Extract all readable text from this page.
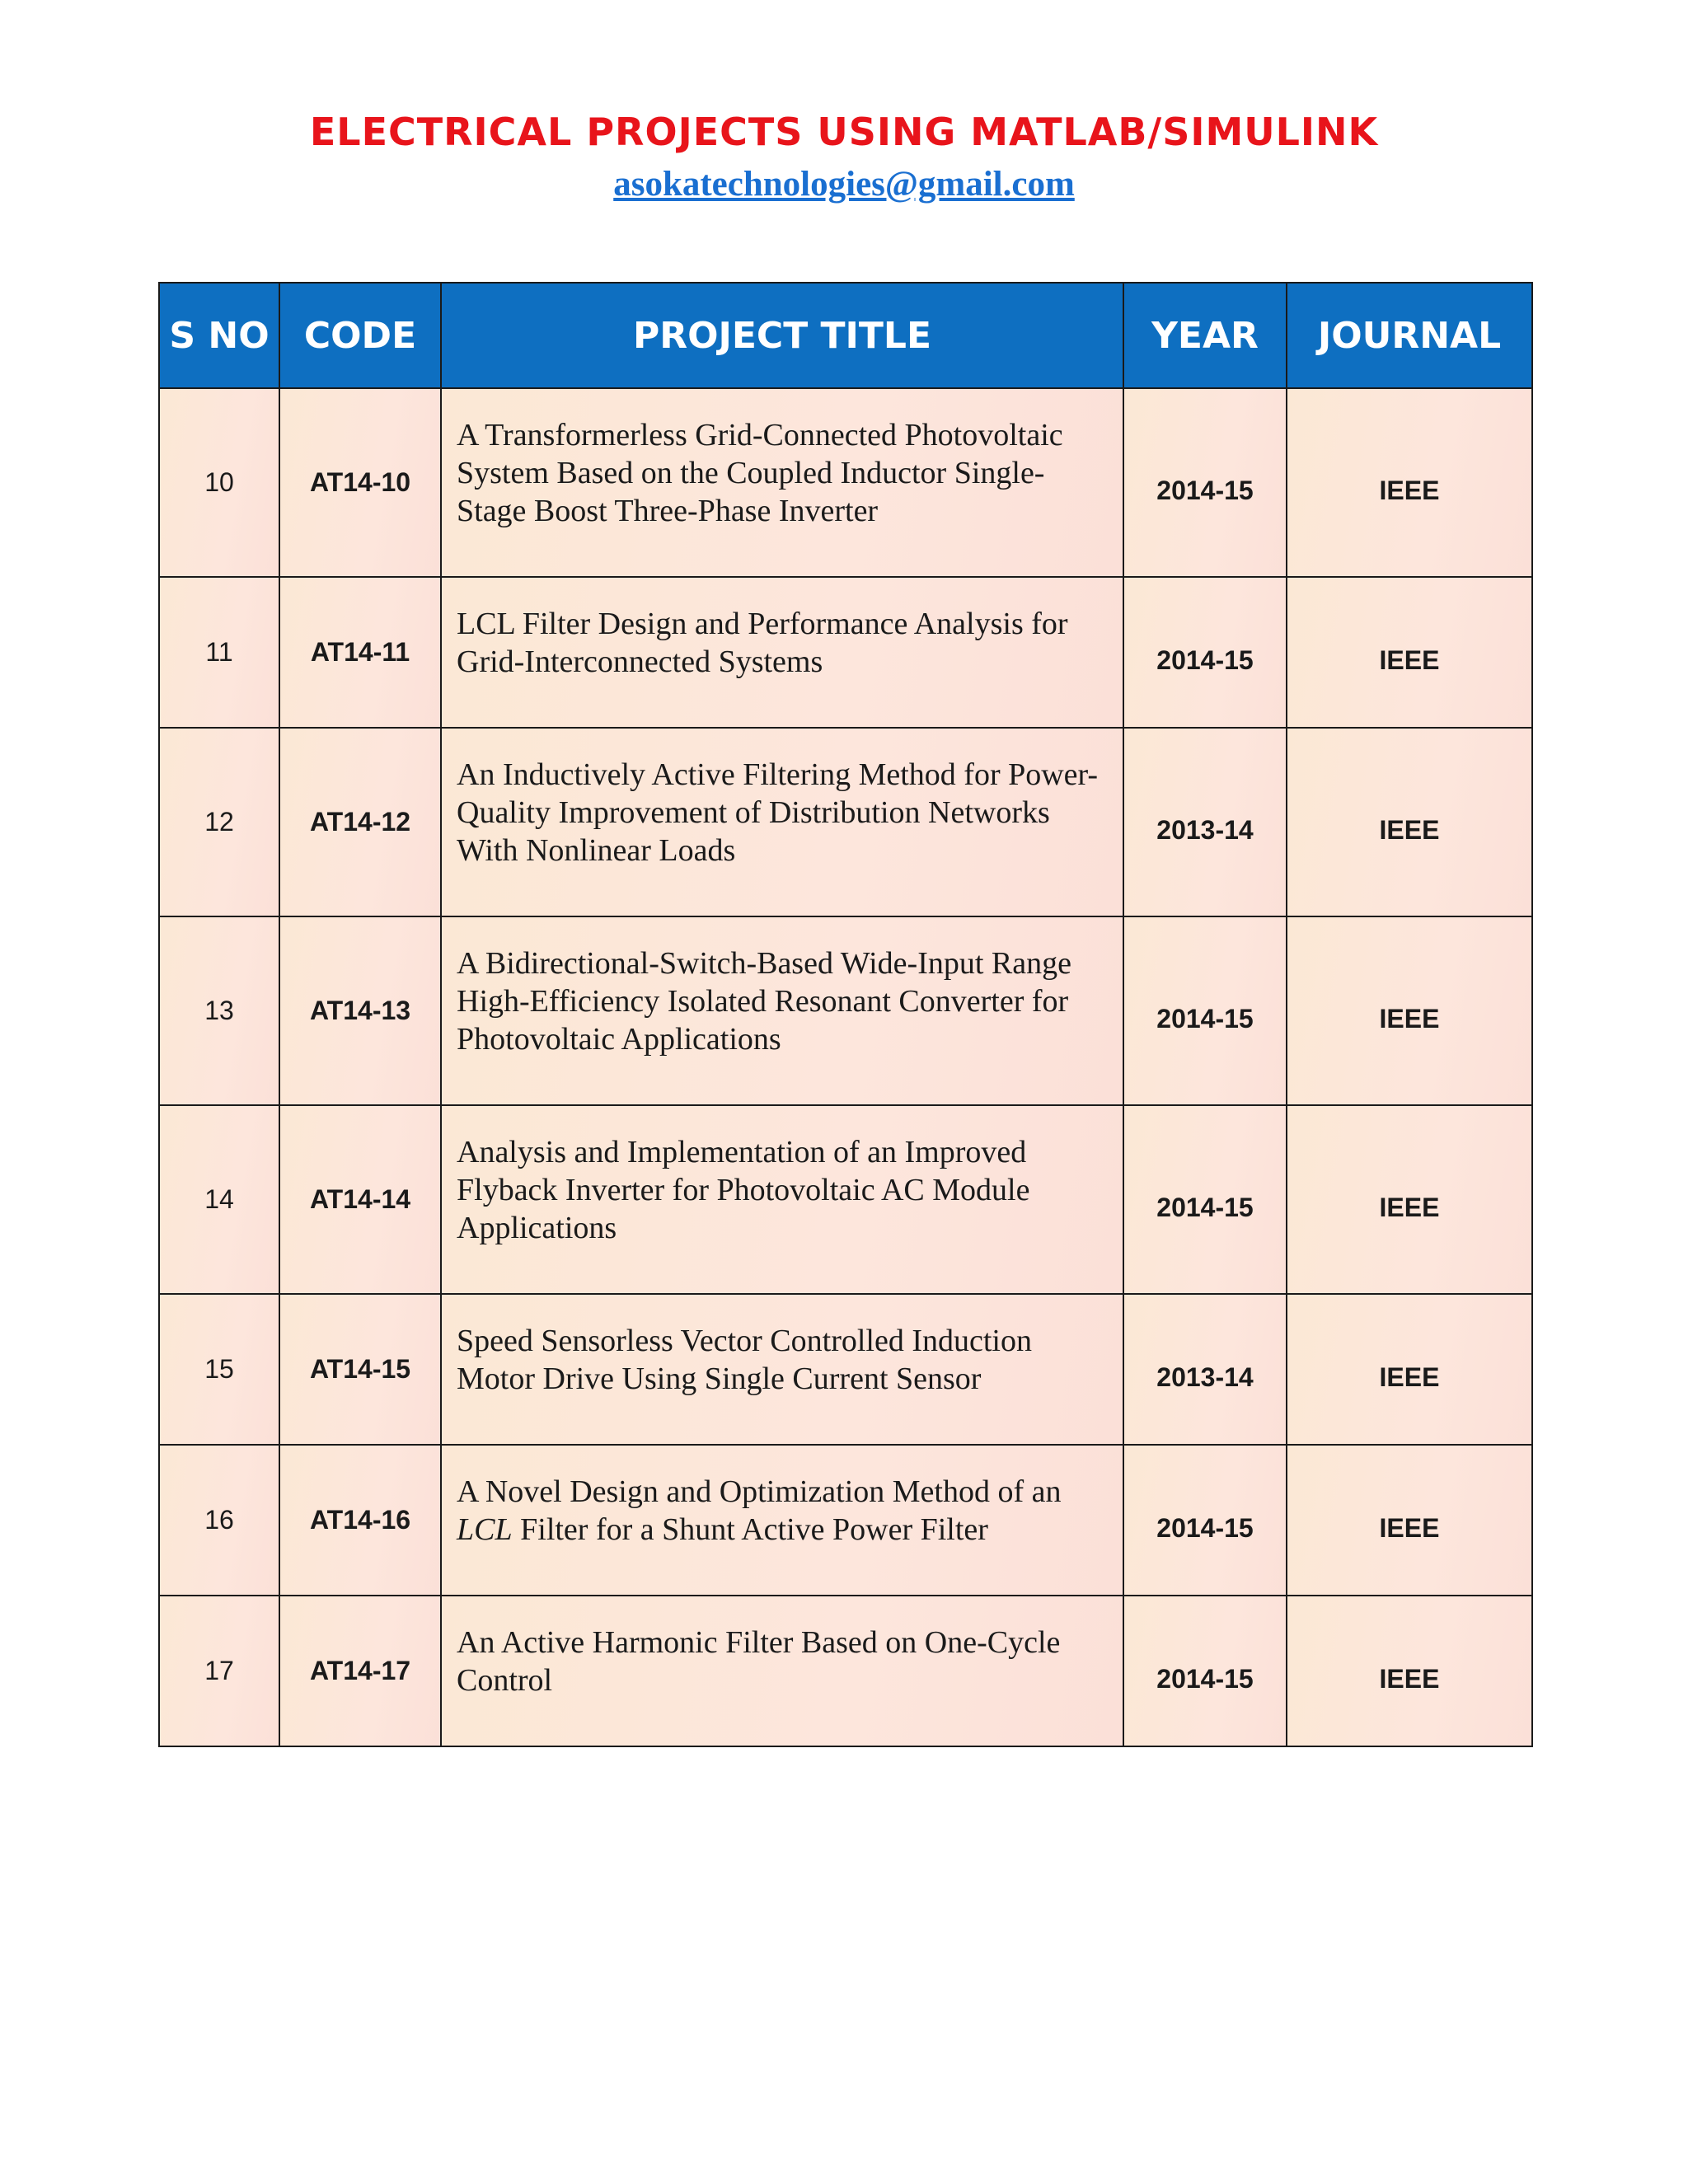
ELECTRICAL PROJECTS USING MATLAB/SIMULINK
asokatechnologies@gmail.com
S NO	CODE	PROJECT TITLE	YEAR	JOURNAL
10	AT14-10	A Transformerless Grid-Connected Photovoltaic System Based on the Coupled Inductor Single-Stage Boost Three-Phase Inverter	2014-15	IEEE
11	AT14-11	LCL Filter Design and Performance Analysis for Grid-Interconnected Systems	2014-15	IEEE
12	AT14-12	An Inductively Active Filtering Method for Power-Quality Improvement of Distribution Networks With Nonlinear Loads	2013-14	IEEE
13	AT14-13	A Bidirectional-Switch-Based Wide-Input Range High-Efficiency Isolated Resonant Converter for Photovoltaic Applications	2014-15	IEEE
14	AT14-14	Analysis and Implementation of an Improved Flyback Inverter for Photovoltaic AC Module Applications	2014-15	IEEE
15	AT14-15	Speed Sensorless Vector Controlled Induction Motor Drive Using Single Current Sensor	2013-14	IEEE
16	AT14-16	A Novel Design and Optimization Method of an LCL Filter for a Shunt Active Power Filter	2014-15	IEEE
17	AT14-17	An Active Harmonic Filter Based on One-Cycle Control	2014-15	IEEE
